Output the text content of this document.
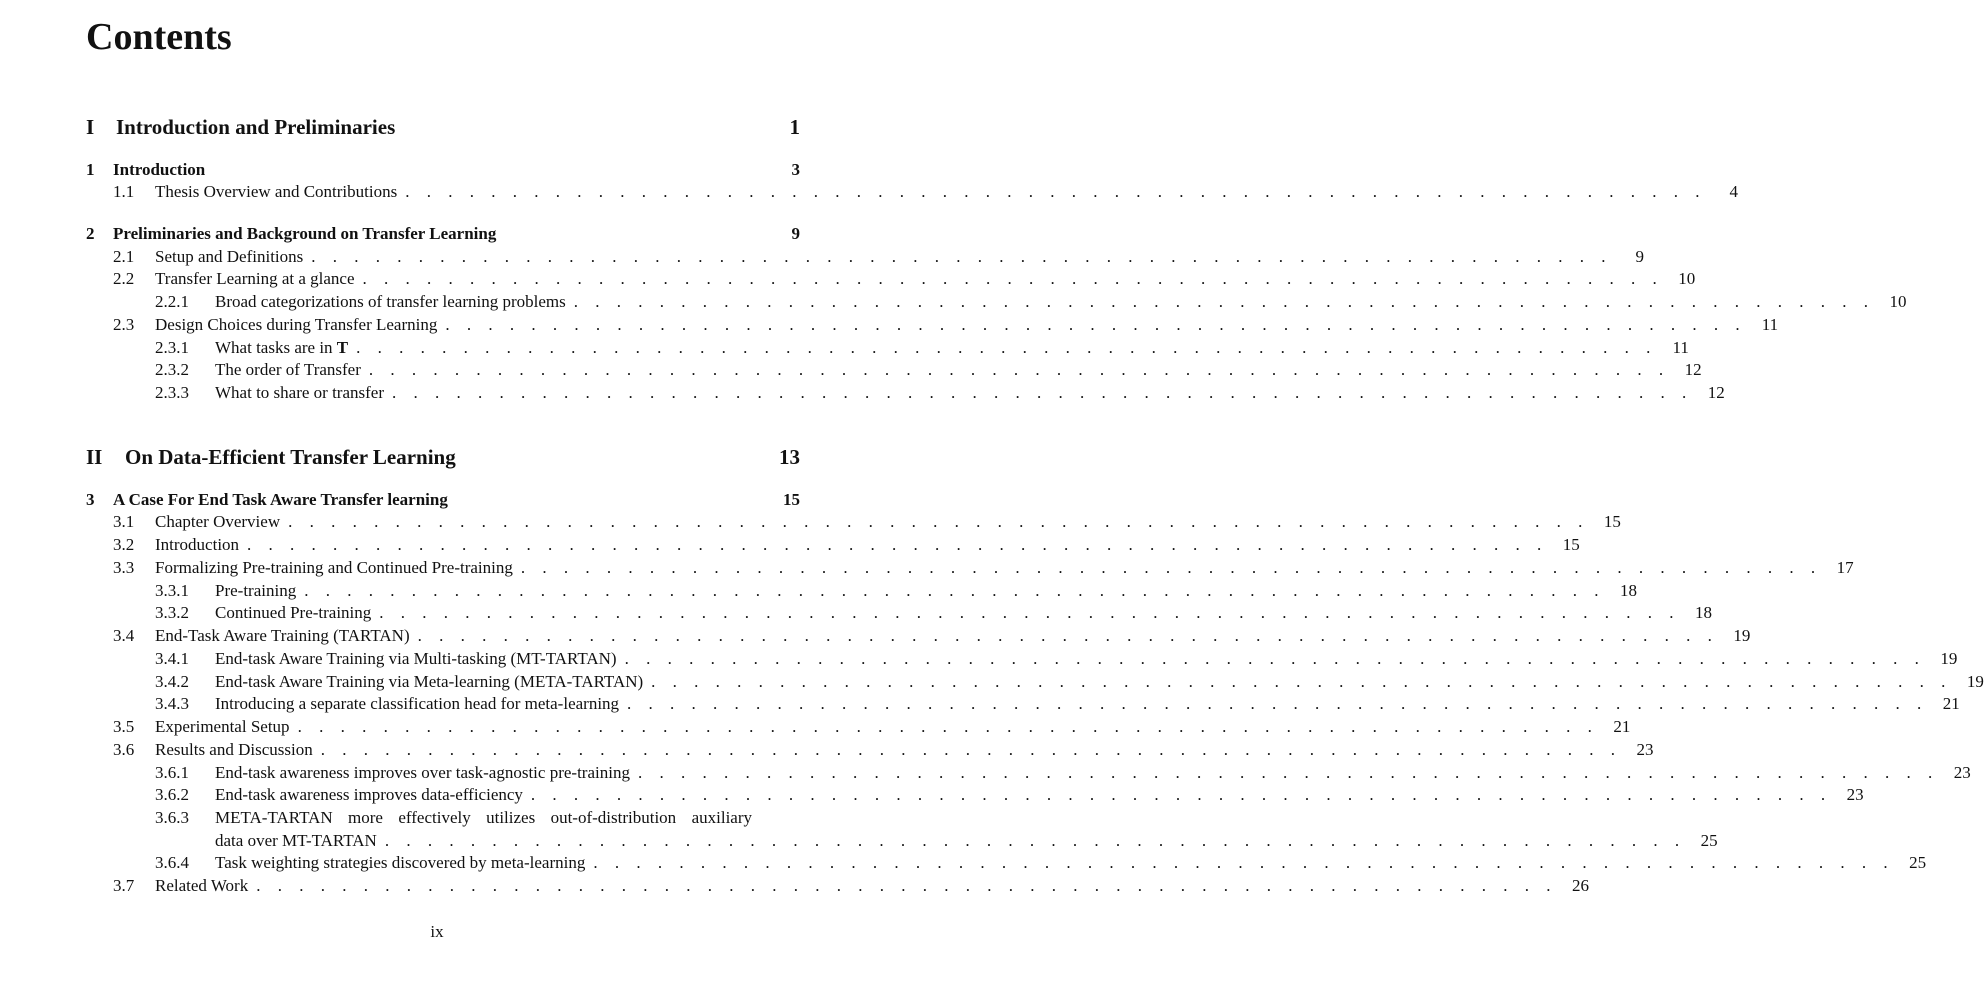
Contents
I	Introduction and Preliminaries	1
1	Introduction	3
1.1	Thesis Overview and Contributions . . . . . . . . . . . . . . . . . . . . . . . . . . . . . . . . . . . . . . . . . . . . . . . . . . . . . . . . . . . . .	4
2	Preliminaries and Background on Transfer Learning	9
2.1	Setup and Definitions . . . . . . . . . . . . . . . . . . . . . . . . . . . . . . . . . . . . . . . . . . . . . . . . . . . . . . . . . . . . .	9
2.2	Transfer Learning at a glance . . . . . . . . . . . . . . . . . . . . . . . . . . . . . . . . . . . . . . . . . . . . . . . . . . . . . . . . . . . . . 10
2.2.1	Broad categorizations of transfer learning problems . . . . . . . . . . . . . . . . . . . . . . . . . . . . . . . . . . . . . . . . . . . . . . . . . . . . . . . . . . . . . 10
2.3	Design Choices during Transfer Learning . . . . . . . . . . . . . . . . . . . . . . . . . . . . . . . . . . . . . . . . . . . . . . . . . . . . . . . . . . . . . 11
2.3.1	What tasks are in T . . . . . . . . . . . . . . . . . . . . . . . . . . . . . . . . . . . . . . . . . . . . . . . . . . . . . . . . . . . . . 11
2.3.2	The order of Transfer . . . . . . . . . . . . . . . . . . . . . . . . . . . . . . . . . . . . . . . . . . . . . . . . . . . . . . . . . . . . . 12
2.3.3	What to share or transfer . . . . . . . . . . . . . . . . . . . . . . . . . . . . . . . . . . . . . . . . . . . . . . . . . . . . . . . . . . . . . 12
II	On Data-Efficient Transfer Learning	13
3	A Case For End Task Aware Transfer learning	15
3.1	Chapter Overview . . . . . . . . . . . . . . . . . . . . . . . . . . . . . . . . . . . . . . . . . . . . . . . . . . . . . . . . . . . . . 15
3.2	Introduction . . . . . . . . . . . . . . . . . . . . . . . . . . . . . . . . . . . . . . . . . . . . . . . . . . . . . . . . . . . . . 15
3.3	Formalizing Pre-training and Continued Pre-training . . . . . . . . . . . . . . . . . . . . . . . . . . . . . . . . . . . . . . . . . . . . . . . . . . . . . . . . . . . . . 17
3.3.1	Pre-training . . . . . . . . . . . . . . . . . . . . . . . . . . . . . . . . . . . . . . . . . . . . . . . . . . . . . . . . . . . . . 18
3.3.2	Continued Pre-training . . . . . . . . . . . . . . . . . . . . . . . . . . . . . . . . . . . . . . . . . . . . . . . . . . . . . . . . . . . . . 18
3.4	End-Task Aware Training (TARTAN) . . . . . . . . . . . . . . . . . . . . . . . . . . . . . . . . . . . . . . . . . . . . . . . . . . . . . . . . . . . . . 19
3.4.1	End-task Aware Training via Multi-tasking (MT-TARTAN) . . . . . . . . . . . . . . . . . . . . . . . . . . . . . . . . . . . . . . . . . . . . . . . . . . . . . . . . . . . . . 19
3.4.2	End-task Aware Training via Meta-learning (META-TARTAN) . . . . . . . . . . . . . . . . . . . . . . . . . . . . . . . . . . . . . . . . . . . . . . . . . . . . . . . . . . . . . 19
3.4.3	Introducing a separate classification head for meta-learning . . . . . . . . . . . . . . . . . . . . . . . . . . . . . . . . . . . . . . . . . . . . . . . . . . . . . . . . . . . . . 21
3.5	Experimental Setup . . . . . . . . . . . . . . . . . . . . . . . . . . . . . . . . . . . . . . . . . . . . . . . . . . . . . . . . . . . . . 21
3.6	Results and Discussion . . . . . . . . . . . . . . . . . . . . . . . . . . . . . . . . . . . . . . . . . . . . . . . . . . . . . . . . . . . . . 23
3.6.1	End-task awareness improves over task-agnostic pre-training . . . . . . . . . . . . . . . . . . . . . . . . . . . . . . . . . . . . . . . . . . . . . . . . . . . . . . . . . . . . . 23
3.6.2	End-task awareness improves data-efficiency . . . . . . . . . . . . . . . . . . . . . . . . . . . . . . . . . . . . . . . . . . . . . . . . . . . . . . . . . . . . . 23
3.6.3 META-TARTAN more effectively utilizes out-of-distribution auxiliary
data over MT-TARTAN . . . . . . . . . . . . . . . . . . . . . . . . . . . . . . . . . . . . . . . . . . . . . . . . . . . . . . . . . . . . . 25
3.6.4	Task weighting strategies discovered by meta-learning . . . . . . . . . . . . . . . . . . . . . . . . . . . . . . . . . . . . . . . . . . . . . . . . . . . . . . . . . . . . . 25
3.7	Related Work . . . . . . . . . . . . . . . . . . . . . . . . . . . . . . . . . . . . . . . . . . . . . . . . . . . . . . . . . . . . . 26
ix
